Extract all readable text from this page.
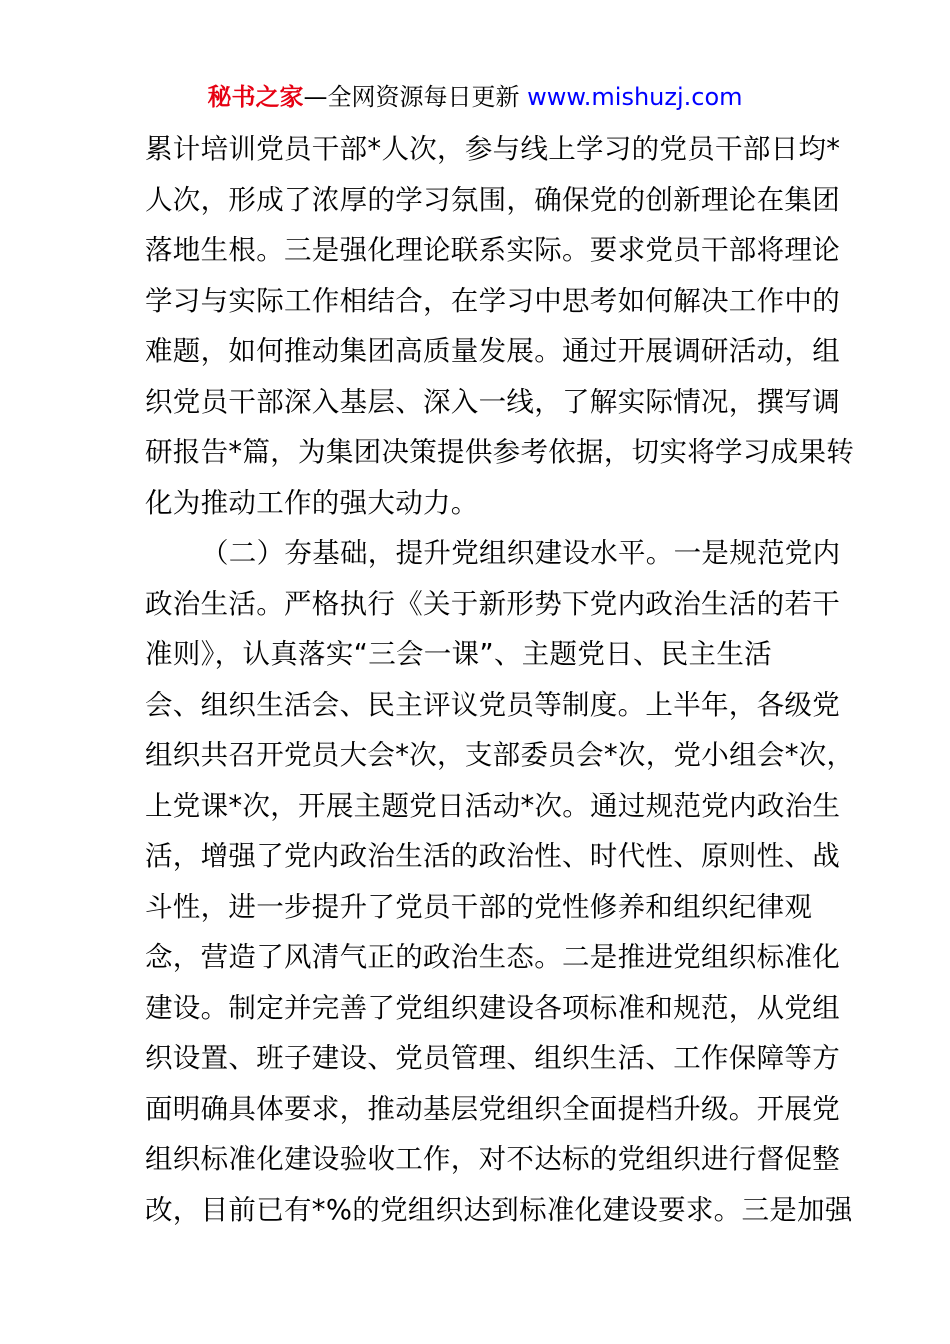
秘书之家—全网资源每日更新 www.mishuzj.com
累计培训党员干部*人次，参与线上学习的党员干部日均*
人次，形成了浓厚的学习氛围，确保党的创新理论在集团
落地生根。三是强化理论联系实际。要求党员干部将理论
学习与实际工作相结合，在学习中思考如何解决工作中的
难题，如何推动集团高质量发展。通过开展调研活动，组
织党员干部深入基层、深入一线，了解实际情况，撰写调
研报告*篇，为集团决策提供参考依据，切实将学习成果转
化为推动工作的强大动力。
（二）夯基础，提升党组织建设水平。一是规范党内
政治生活。严格执行《关于新形势下党内政治生活的若干
准则》，认真落实“三会一课”、主题党日、民主生活
会、组织生活会、民主评议党员等制度。上半年，各级党
组织共召开党员大会*次，支部委员会*次，党小组会*次，
上党课*次，开展主题党日活动*次。通过规范党内政治生
活，增强了党内政治生活的政治性、时代性、原则性、战
斗性，进一步提升了党员干部的党性修养和组织纪律观
念，营造了风清气正的政治生态。二是推进党组织标准化
建设。制定并完善了党组织建设各项标准和规范，从党组
织设置、班子建设、党员管理、组织生活、工作保障等方
面明确具体要求，推动基层党组织全面提档升级。开展党
组织标准化建设验收工作，对不达标的党组织进行督促整
改，目前已有*%的党组织达到标准化建设要求。三是加强
